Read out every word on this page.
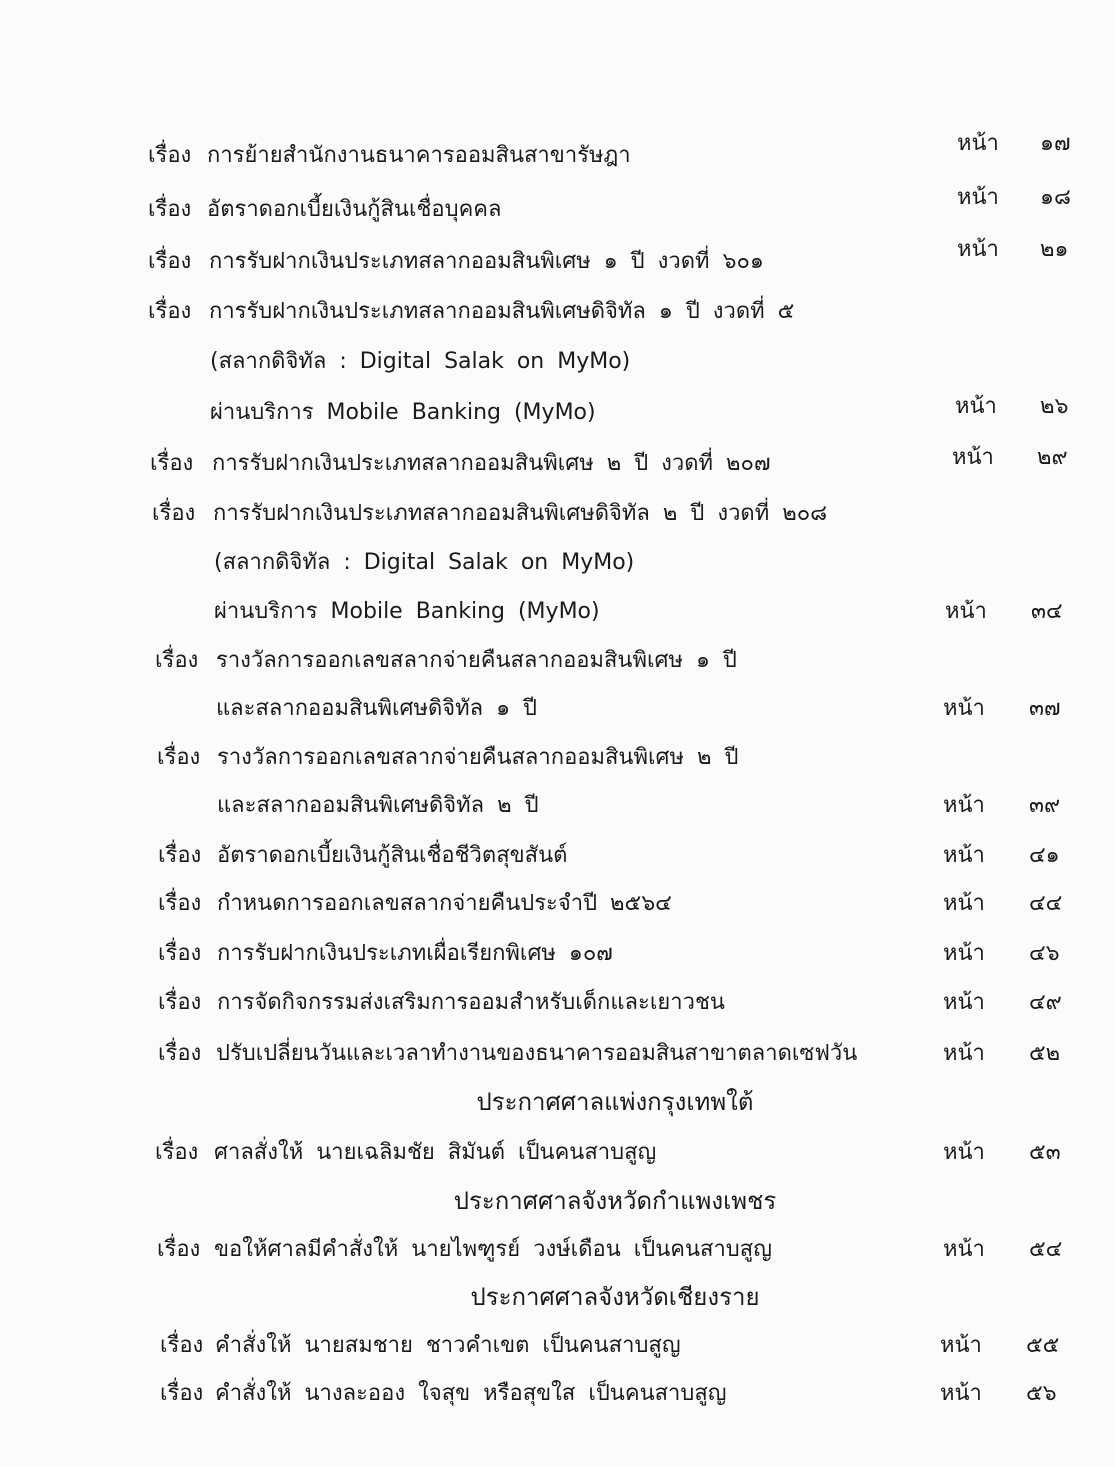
เรื่อง การย้ายสำนักงานธนาคารออมสินสาขารัษฎา	หน้า ๑๗
เรื่อง อัตราดอกเบี้ยเงินกู้สินเชื่อบุคคล	หน้า ๑๘
เรื่อง การรับฝากเงินประเภทสลากออมสินพิเศษ ๑ ปี งวดที่ ๖๐๑	หน้า ๒๑
เรื่อง การรับฝากเงินประเภทสลากออมสินพิเศษดิจิทัล ๑ ปี งวดที่ ๕
(สลากดิจิทัล : Digital Salak on MyMo)
ผ่านบริการ Mobile Banking (MyMo)	หน้า ๒๖
เรื่อง การรับฝากเงินประเภทสลากออมสินพิเศษ ๒ ปี งวดที่ ๒๐๗	หน้า ๒๙
เรื่อง การรับฝากเงินประเภทสลากออมสินพิเศษดิจิทัล ๒ ปี งวดที่ ๒๐๘
(สลากดิจิทัล : Digital Salak on MyMo)
ผ่านบริการ Mobile Banking (MyMo)	หน้า ๓๔
เรื่อง รางวัลการออกเลขสลากจ่ายคืนสลากออมสินพิเศษ ๑ ปี
และสลากออมสินพิเศษดิจิทัล ๑ ปี	หน้า ๓๗
เรื่อง รางวัลการออกเลขสลากจ่ายคืนสลากออมสินพิเศษ ๒ ปี
และสลากออมสินพิเศษดิจิทัล ๒ ปี	หน้า ๓๙
เรื่อง อัตราดอกเบี้ยเงินกู้สินเชื่อชีวิตสุขสันต์	หน้า ๔๑
เรื่อง กำหนดการออกเลขสลากจ่ายคืนประจำปี ๒๕๖๔	หน้า ๔๔
เรื่อง การรับฝากเงินประเภทเผื่อเรียกพิเศษ ๑๐๗	หน้า ๔๖
เรื่อง การจัดกิจกรรมส่งเสริมการออมสำหรับเด็กและเยาวชน	หน้า ๔๙
เรื่อง ปรับเปลี่ยนวันและเวลาทำงานของธนาคารออมสินสาขาตลาดเซฟวัน	หน้า ๕๒
ประกาศศาลแพ่งกรุงเทพใต้
เรื่อง ศาลสั่งให้ นายเฉลิมชัย สิมันต์ เป็นคนสาบสูญ	หน้า ๕๓
ประกาศศาลจังหวัดกำแพงเพชร
เรื่อง ขอให้ศาลมีคำสั่งให้ นายไพฑูรย์ วงษ์เดือน เป็นคนสาบสูญ	หน้า ๕๔
ประกาศศาลจังหวัดเชียงราย
เรื่อง คำสั่งให้ นายสมชาย ชาวคำเขต เป็นคนสาบสูญ	หน้า ๕๕
เรื่อง คำสั่งให้ นางละออง ใจสุข หรือสุขใส เป็นคนสาบสูญ	หน้า ๕๖
